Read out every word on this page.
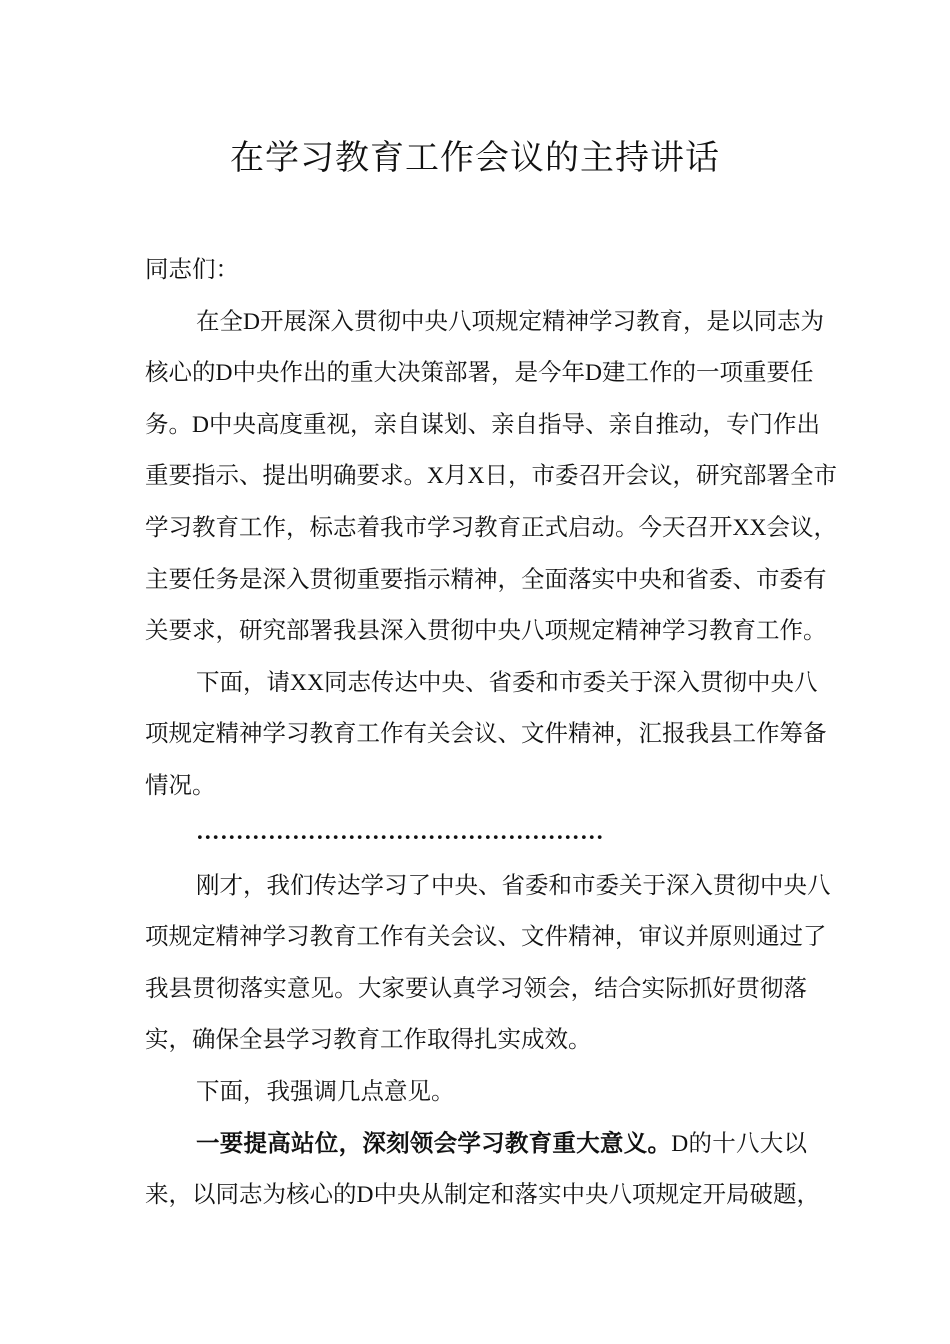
在学习教育工作会议的主持讲话
同志们：
在全D开展深入贯彻中央八项规定精神学习教育，是以同志为
核心的D中央作出的重大决策部署，是今年D建工作的一项重要任
务。D中央高度重视，亲自谋划、亲自指导、亲自推动，专门作出
重要指示、提出明确要求。X月X日，市委召开会议，研究部署全市
学习教育工作，标志着我市学习教育正式启动。今天召开XX会议，
主要任务是深入贯彻重要指示精神，全面落实中央和省委、市委有
关要求，研究部署我县深入贯彻中央八项规定精神学习教育工作。
下面，请XX同志传达中央、省委和市委关于深入贯彻中央八
项规定精神学习教育工作有关会议、文件精神，汇报我县工作筹备
情况。
……………………………………………
刚才，我们传达学习了中央、省委和市委关于深入贯彻中央八
项规定精神学习教育工作有关会议、文件精神，审议并原则通过了
我县贯彻落实意见。大家要认真学习领会，结合实际抓好贯彻落
实，确保全县学习教育工作取得扎实成效。
下面，我强调几点意见。
一要提高站位，深刻领会学习教育重大意义。D的十八大以
来，以同志为核心的D中央从制定和落实中央八项规定开局破题，
